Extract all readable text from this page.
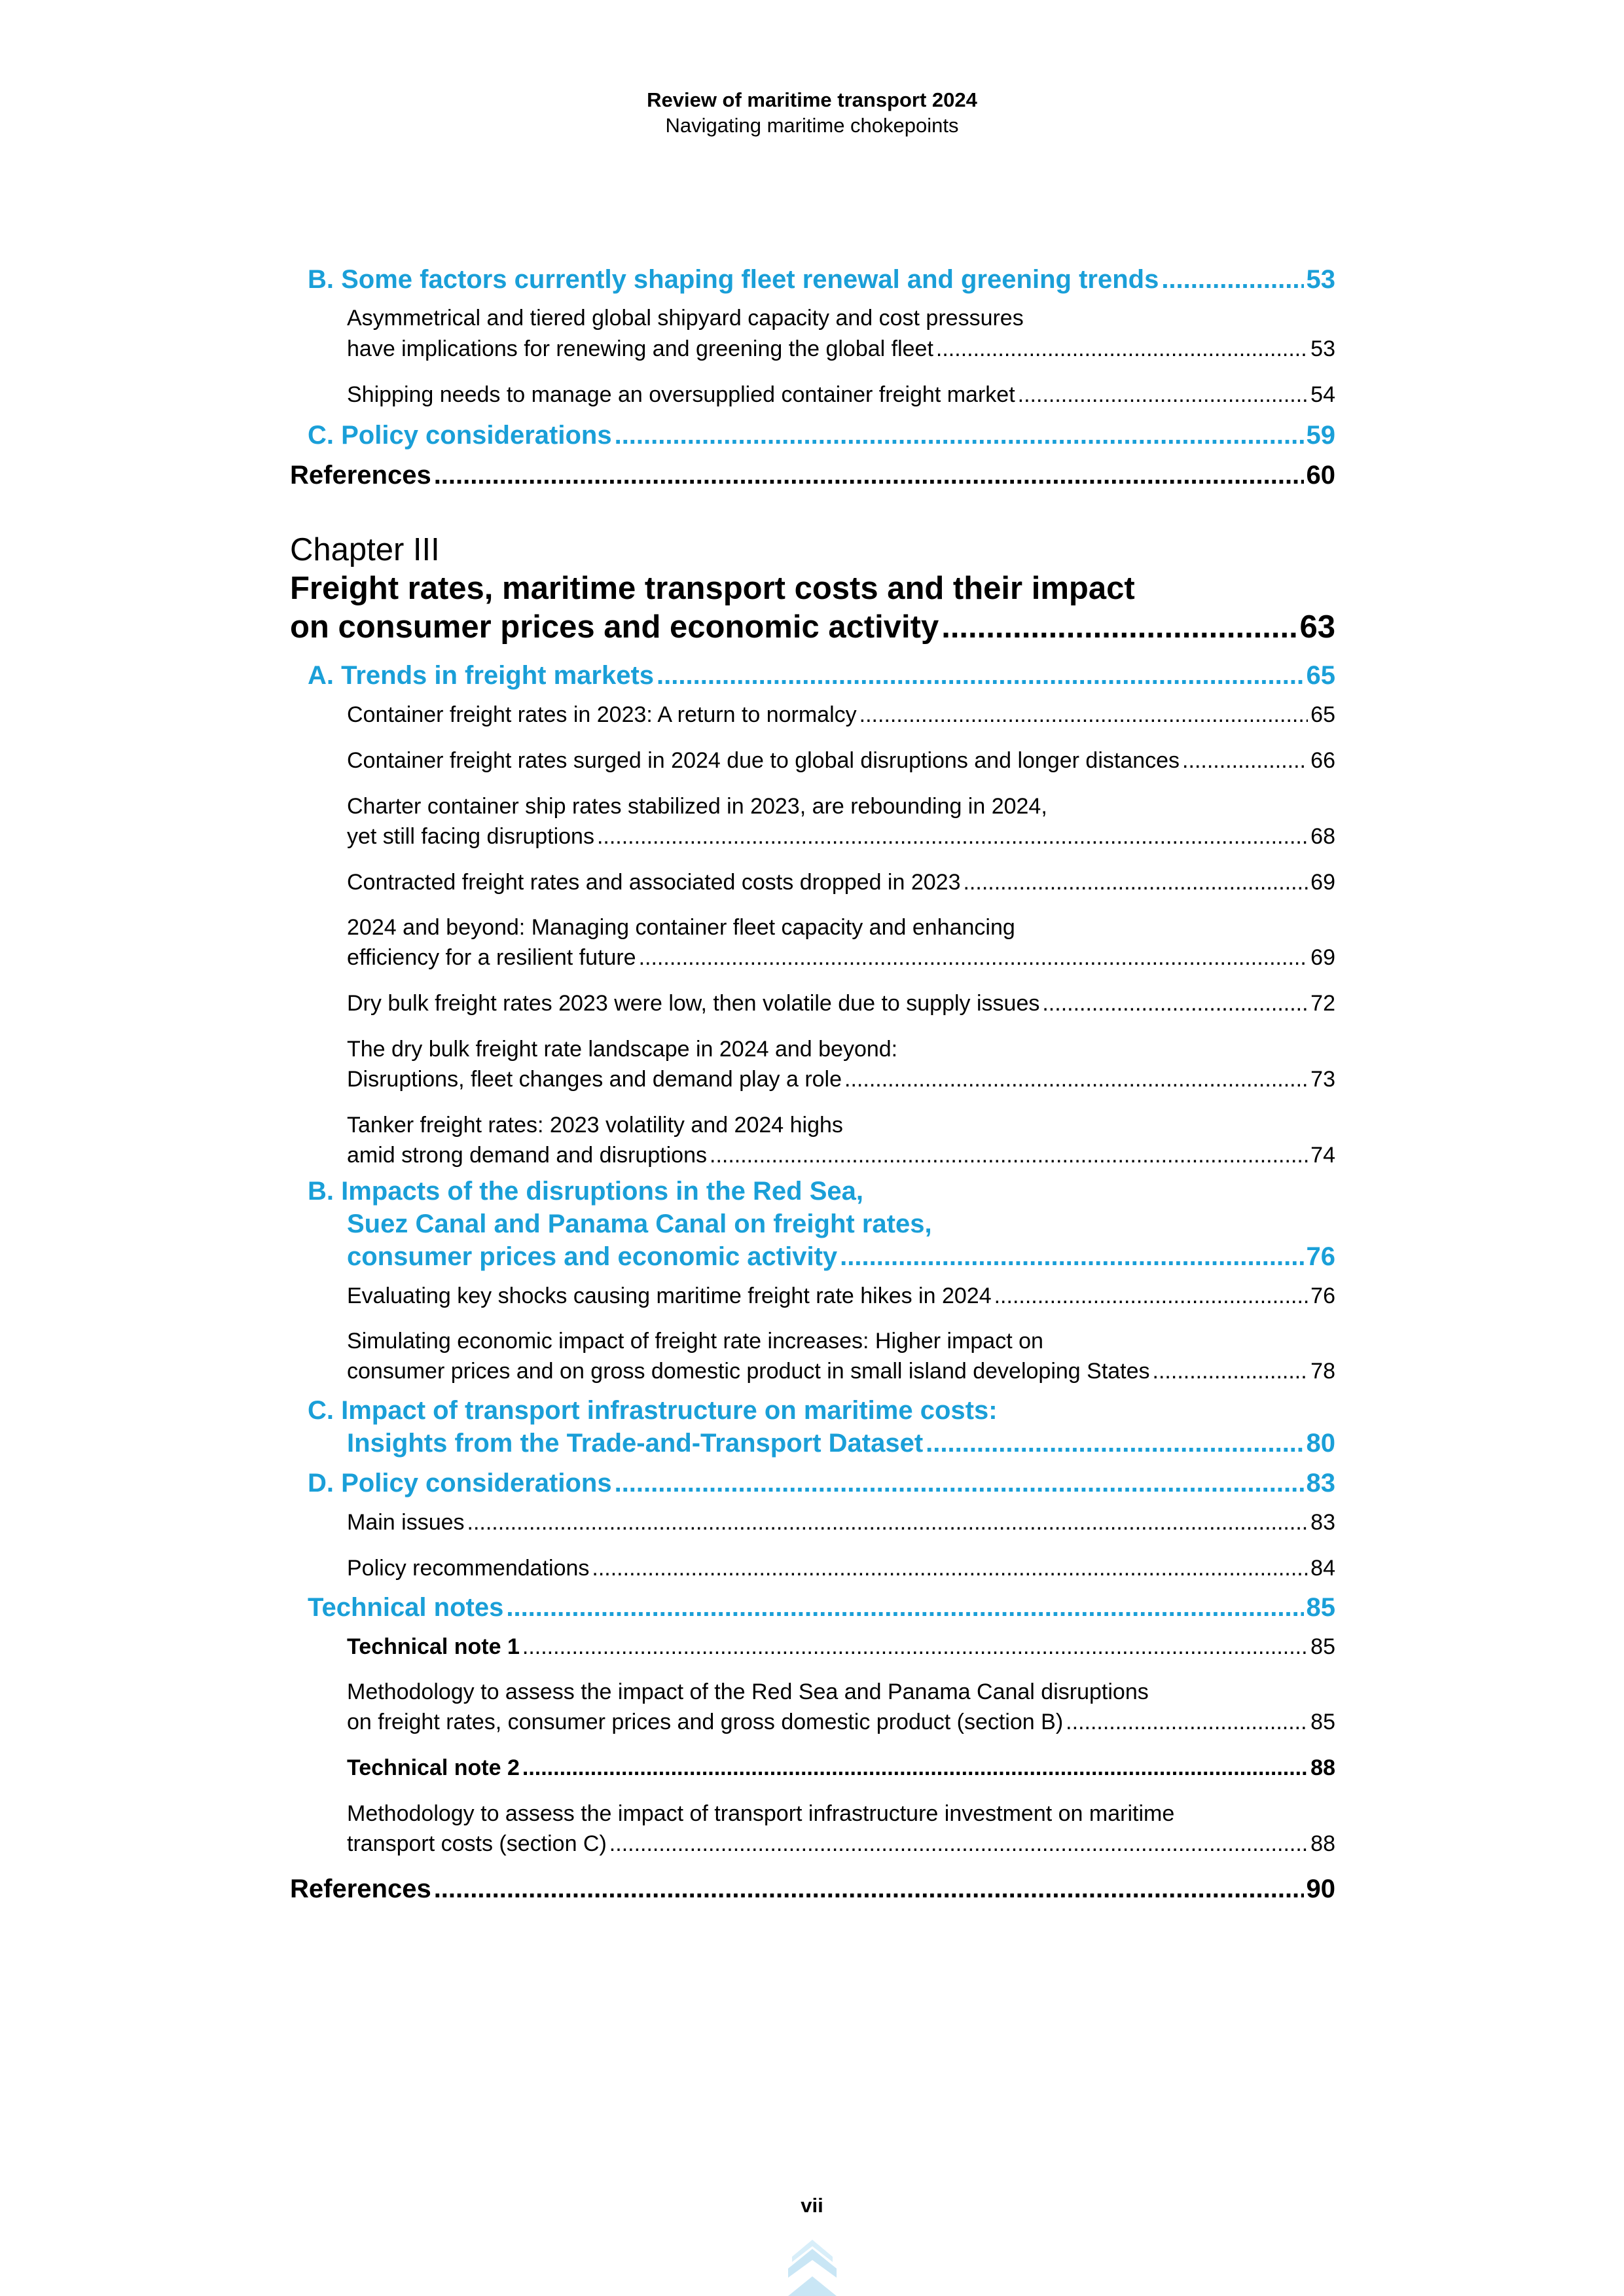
Review of maritime transport 2024
Navigating maritime chokepoints
B. Some factors currently shaping fleet renewal and greening trends .....	53
Asymmetrical and tiered global shipyard capacity and cost pressures
have implications for renewing and greening the global fleet .....	53
Shipping needs to manage an oversupplied container freight market .....	54
C. Policy considerations .....	59
References .....	60
Chapter III
Freight rates, maritime transport costs and their impact
on consumer prices and economic activity .....	63
A. Trends in freight markets .....	65
Container freight rates in 2023: A return to normalcy .....	65
Container freight rates surged in 2024 due to global disruptions and longer distances .....	66
Charter container ship rates stabilized in 2023, are rebounding in 2024,
yet still facing disruptions .....	68
Contracted freight rates and associated costs dropped in 2023 .....	69
2024 and beyond: Managing container fleet capacity and enhancing
efficiency for a resilient future .....	69
Dry bulk freight rates 2023 were low, then volatile due to supply issues .....	72
The dry bulk freight rate landscape in 2024 and beyond:
Disruptions, fleet changes and demand play a role .....	73
Tanker freight rates: 2023 volatility and 2024 highs
amid strong demand and disruptions .....	74
B. Impacts of the disruptions in the Red Sea,
Suez Canal and Panama Canal on freight rates,
consumer prices and economic activity .....	76
Evaluating key shocks causing maritime freight rate hikes in 2024 .....	76
Simulating economic impact of freight rate increases: Higher impact on
consumer prices and on gross domestic product in small island developing States .....	78
C. Impact of transport infrastructure on maritime costs:
Insights from the Trade-and-Transport Dataset .....	80
D. Policy considerations .....	83
Main issues .....	83
Policy recommendations .....	84
Technical notes .....	85
Technical note 1 .....	85
Methodology to assess the impact of the Red Sea and Panama Canal disruptions
on freight rates, consumer prices and gross domestic product (section B) .....	85
Technical note 2 .....	88
Methodology to assess the impact of transport infrastructure investment on maritime
transport costs (section C) .....	88
References .....	90
vii
